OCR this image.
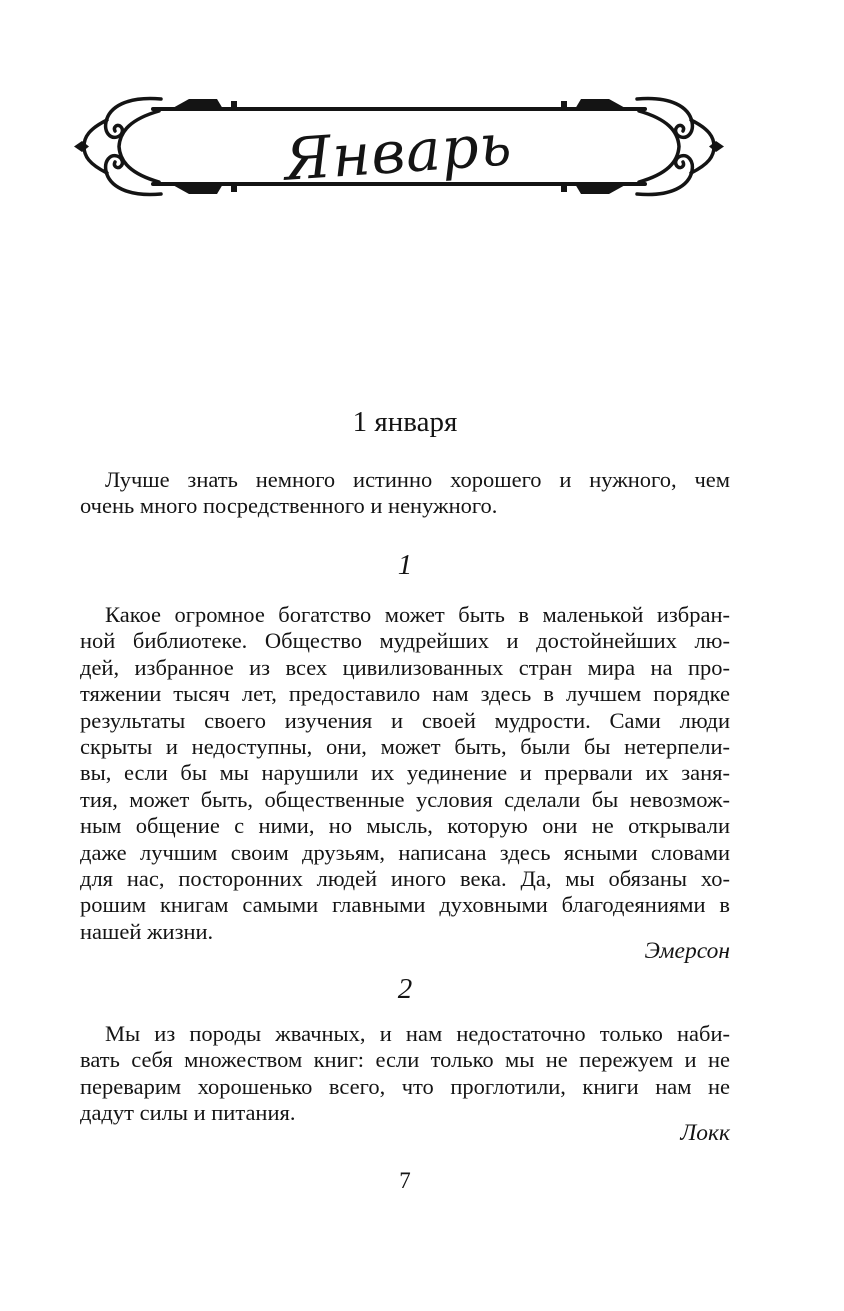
Январь
1 января
Лучше знать немного истинно хорошего и нужного, чем
очень много посредственного и ненужного.
1
Какое огромное богатство может быть в маленькой избран-
ной библиотеке. Общество мудрейших и достойнейших лю-
дей, избранное из всех цивилизованных стран мира на про-
тяжении тысяч лет, предоставило нам здесь в лучшем порядке
результаты своего изучения и своей мудрости. Сами люди
скрыты и недоступны, они, может быть, были бы нетерпели-
вы, если бы мы нарушили их уединение и прервали их заня-
тия, может быть, общественные условия сделали бы невозмож-
ным общение с ними, но мысль, которую они не открывали
даже лучшим своим друзьям, написана здесь ясными словами
для нас, посторонних людей иного века. Да, мы обязаны хо-
рошим книгам самыми главными духовными благодеяниями в
нашей жизни.
Эмерсон
2
Мы из породы жвачных, и нам недостаточно только наби-
вать себя множеством книг: если только мы не пережуем и не
переварим хорошенько всего, что проглотили, книги нам не
дадут силы и питания.
Локк
7
